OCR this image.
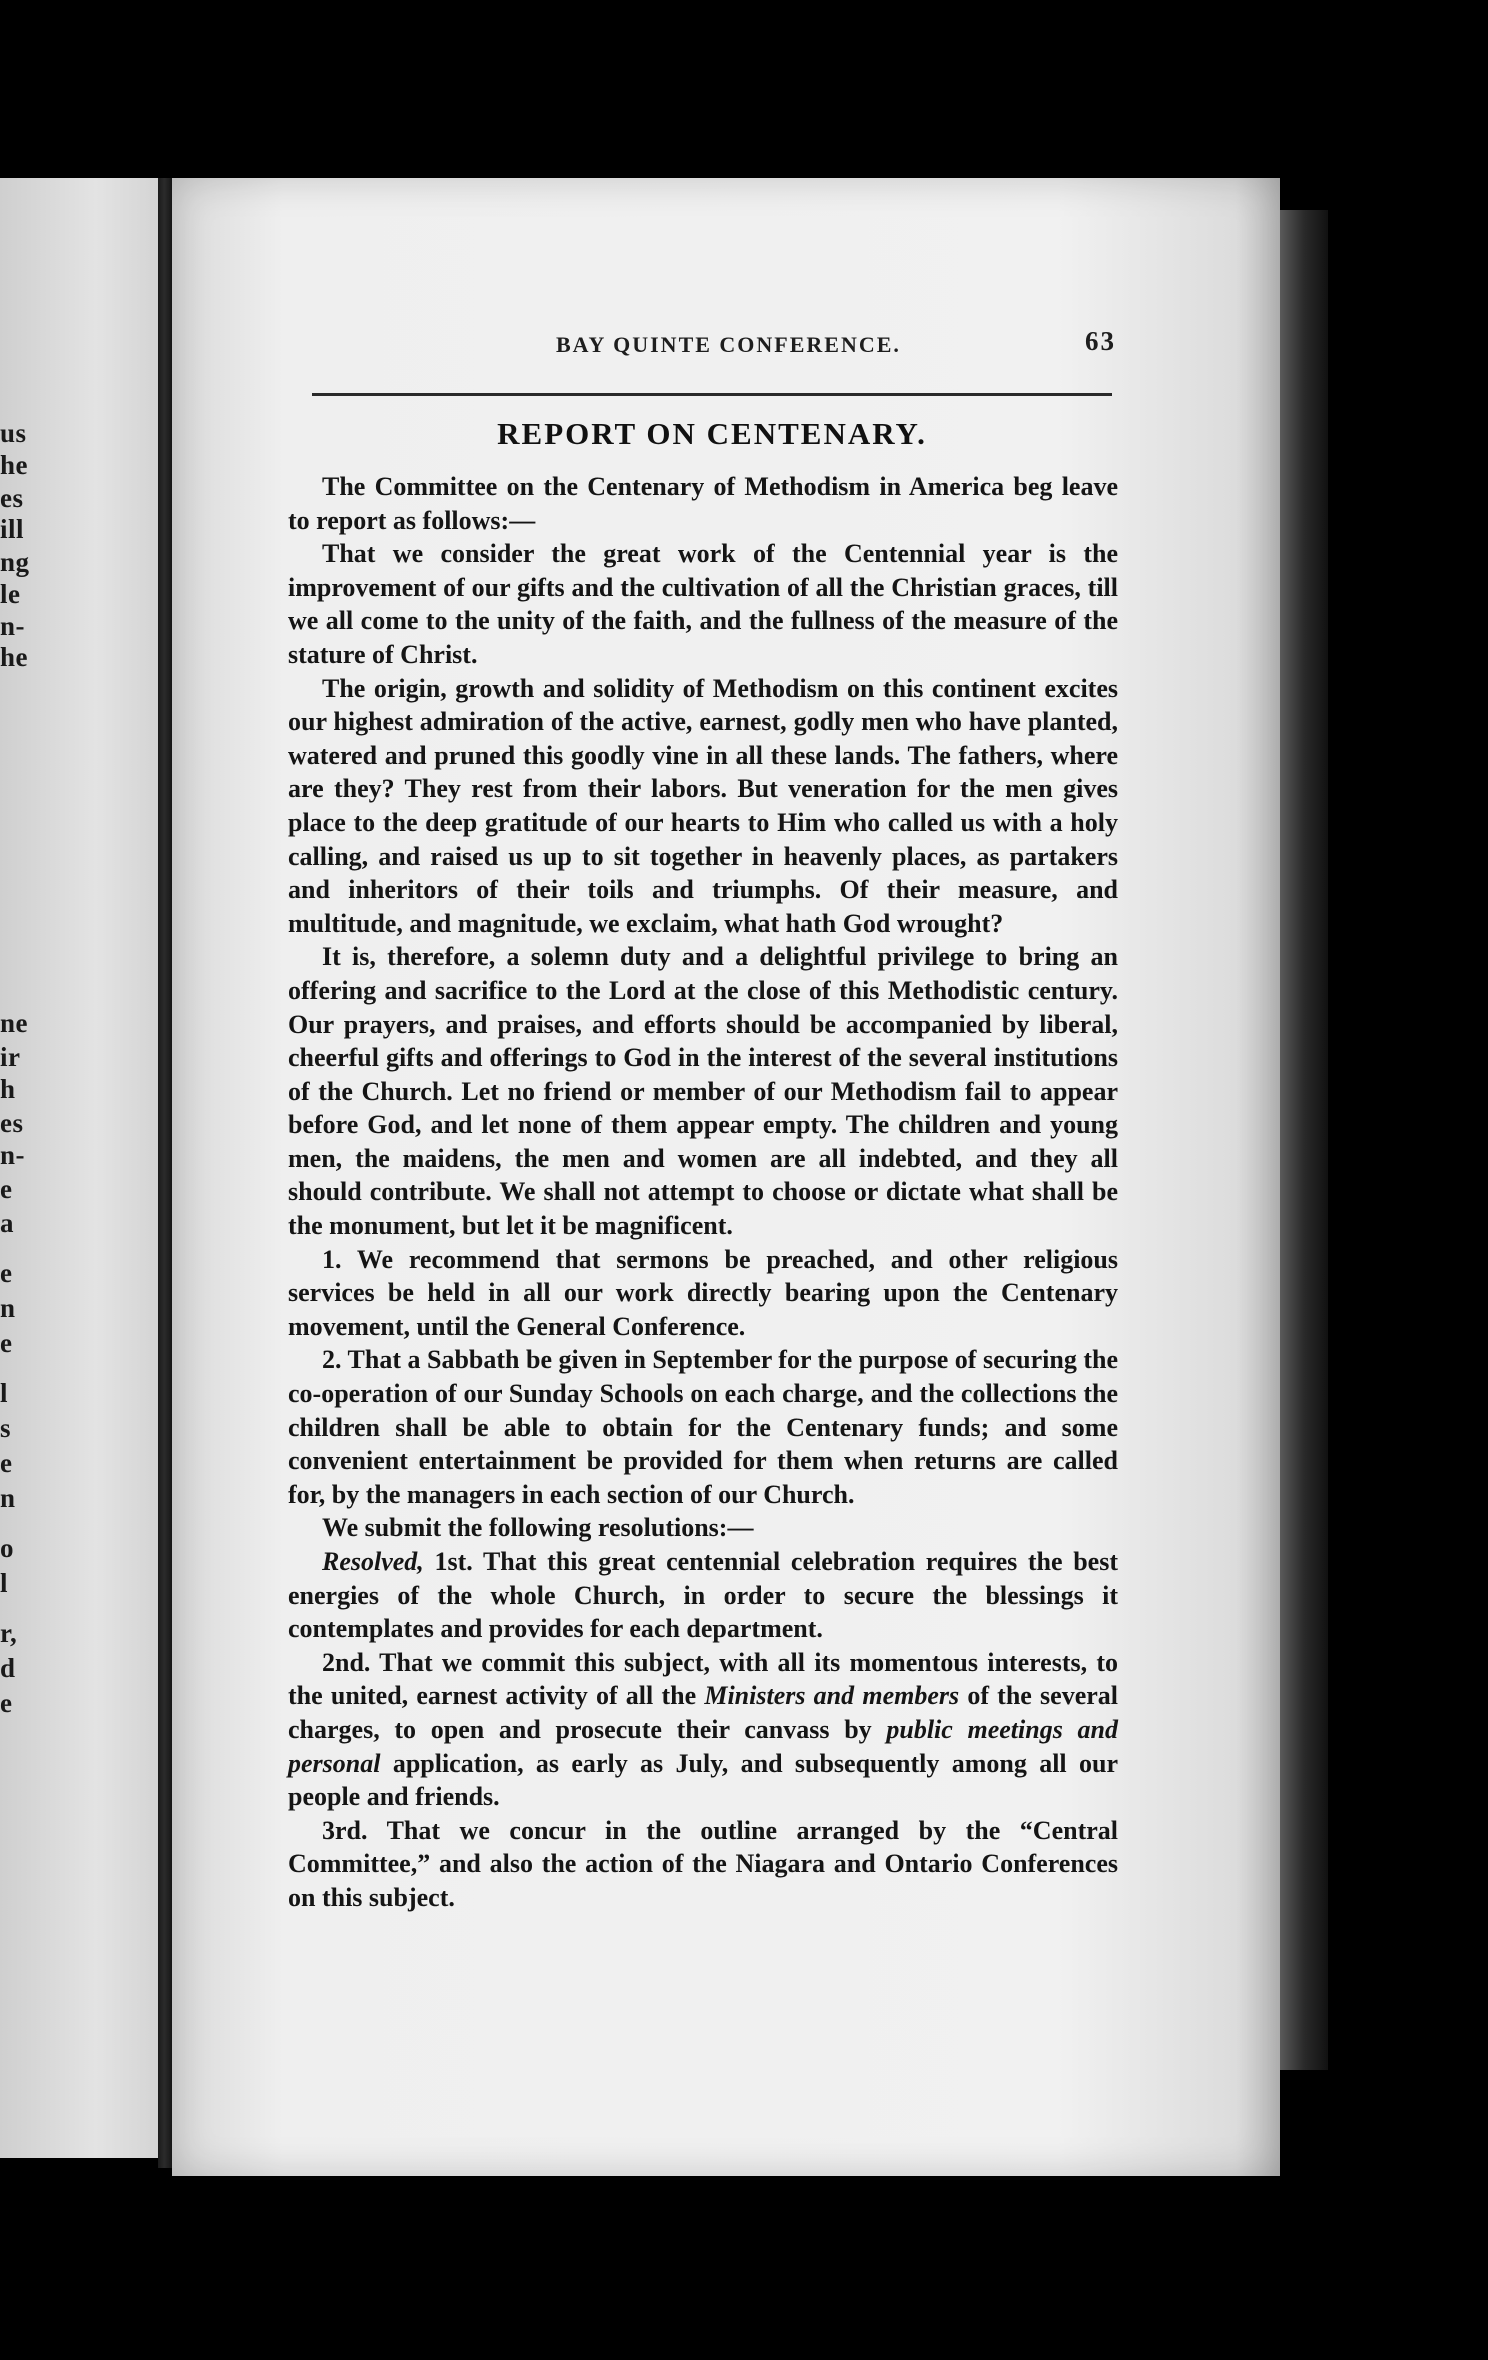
us
he
es
ill
ng
le
n-
he
ne
ir
h
es
n-
e
a
e
n
e
l
s
e
n
o
l
r,
d
e
BAY QUINTE CONFERENCE.	63
REPORT ON CENTENARY.

The Committee on the Centenary of Methodism in America beg leave to report as follows:—

That we consider the great work of the Centennial year is the improvement of our gifts and the cultivation of all the Christian graces, till we all come to the unity of the faith, and the fullness of the measure of the stature of Christ.

The origin, growth and solidity of Methodism on this continent excites our highest admiration of the active, earnest, godly men who have planted, watered and pruned this goodly vine in all these lands. The fathers, where are they? They rest from their labors. But veneration for the men gives place to the deep gratitude of our hearts to Him who called us with a holy calling, and raised us up to sit together in heavenly places, as partakers and inheritors of their toils and triumphs. Of their measure, and multitude, and magnitude, we exclaim, what hath God wrought?

It is, therefore, a solemn duty and a delightful privilege to bring an offering and sacrifice to the Lord at the close of this Methodistic century. Our prayers, and praises, and efforts should be accompanied by liberal, cheerful gifts and offerings to God in the interest of the several institutions of the Church. Let no friend or member of our Methodism fail to appear before God, and let none of them appear empty. The children and young men, the maidens, the men and women are all indebted, and they all should contribute. We shall not attempt to choose or dictate what shall be the monument, but let it be magnificent.

1. We recommend that sermons be preached, and other religious services be held in all our work directly bearing upon the Centenary movement, until the General Conference.

2. That a Sabbath be given in September for the purpose of securing the co-operation of our Sunday Schools on each charge, and the collections the children shall be able to obtain for the Centenary funds; and some convenient entertainment be provided for them when returns are called for, by the managers in each section of our Church.

We submit the following resolutions:—

Resolved, 1st. That this great centennial celebration requires the best energies of the whole Church, in order to secure the blessings it contemplates and provides for each department.

2nd. That we commit this subject, with all its momentous interests, to the united, earnest activity of all the Ministers and members of the several charges, to open and prosecute their canvass by public meetings and personal application, as early as July, and subsequently among all our people and friends.

3rd. That we concur in the outline arranged by the “Central Committee,” and also the action of the Niagara and Ontario Conferences on this subject.
